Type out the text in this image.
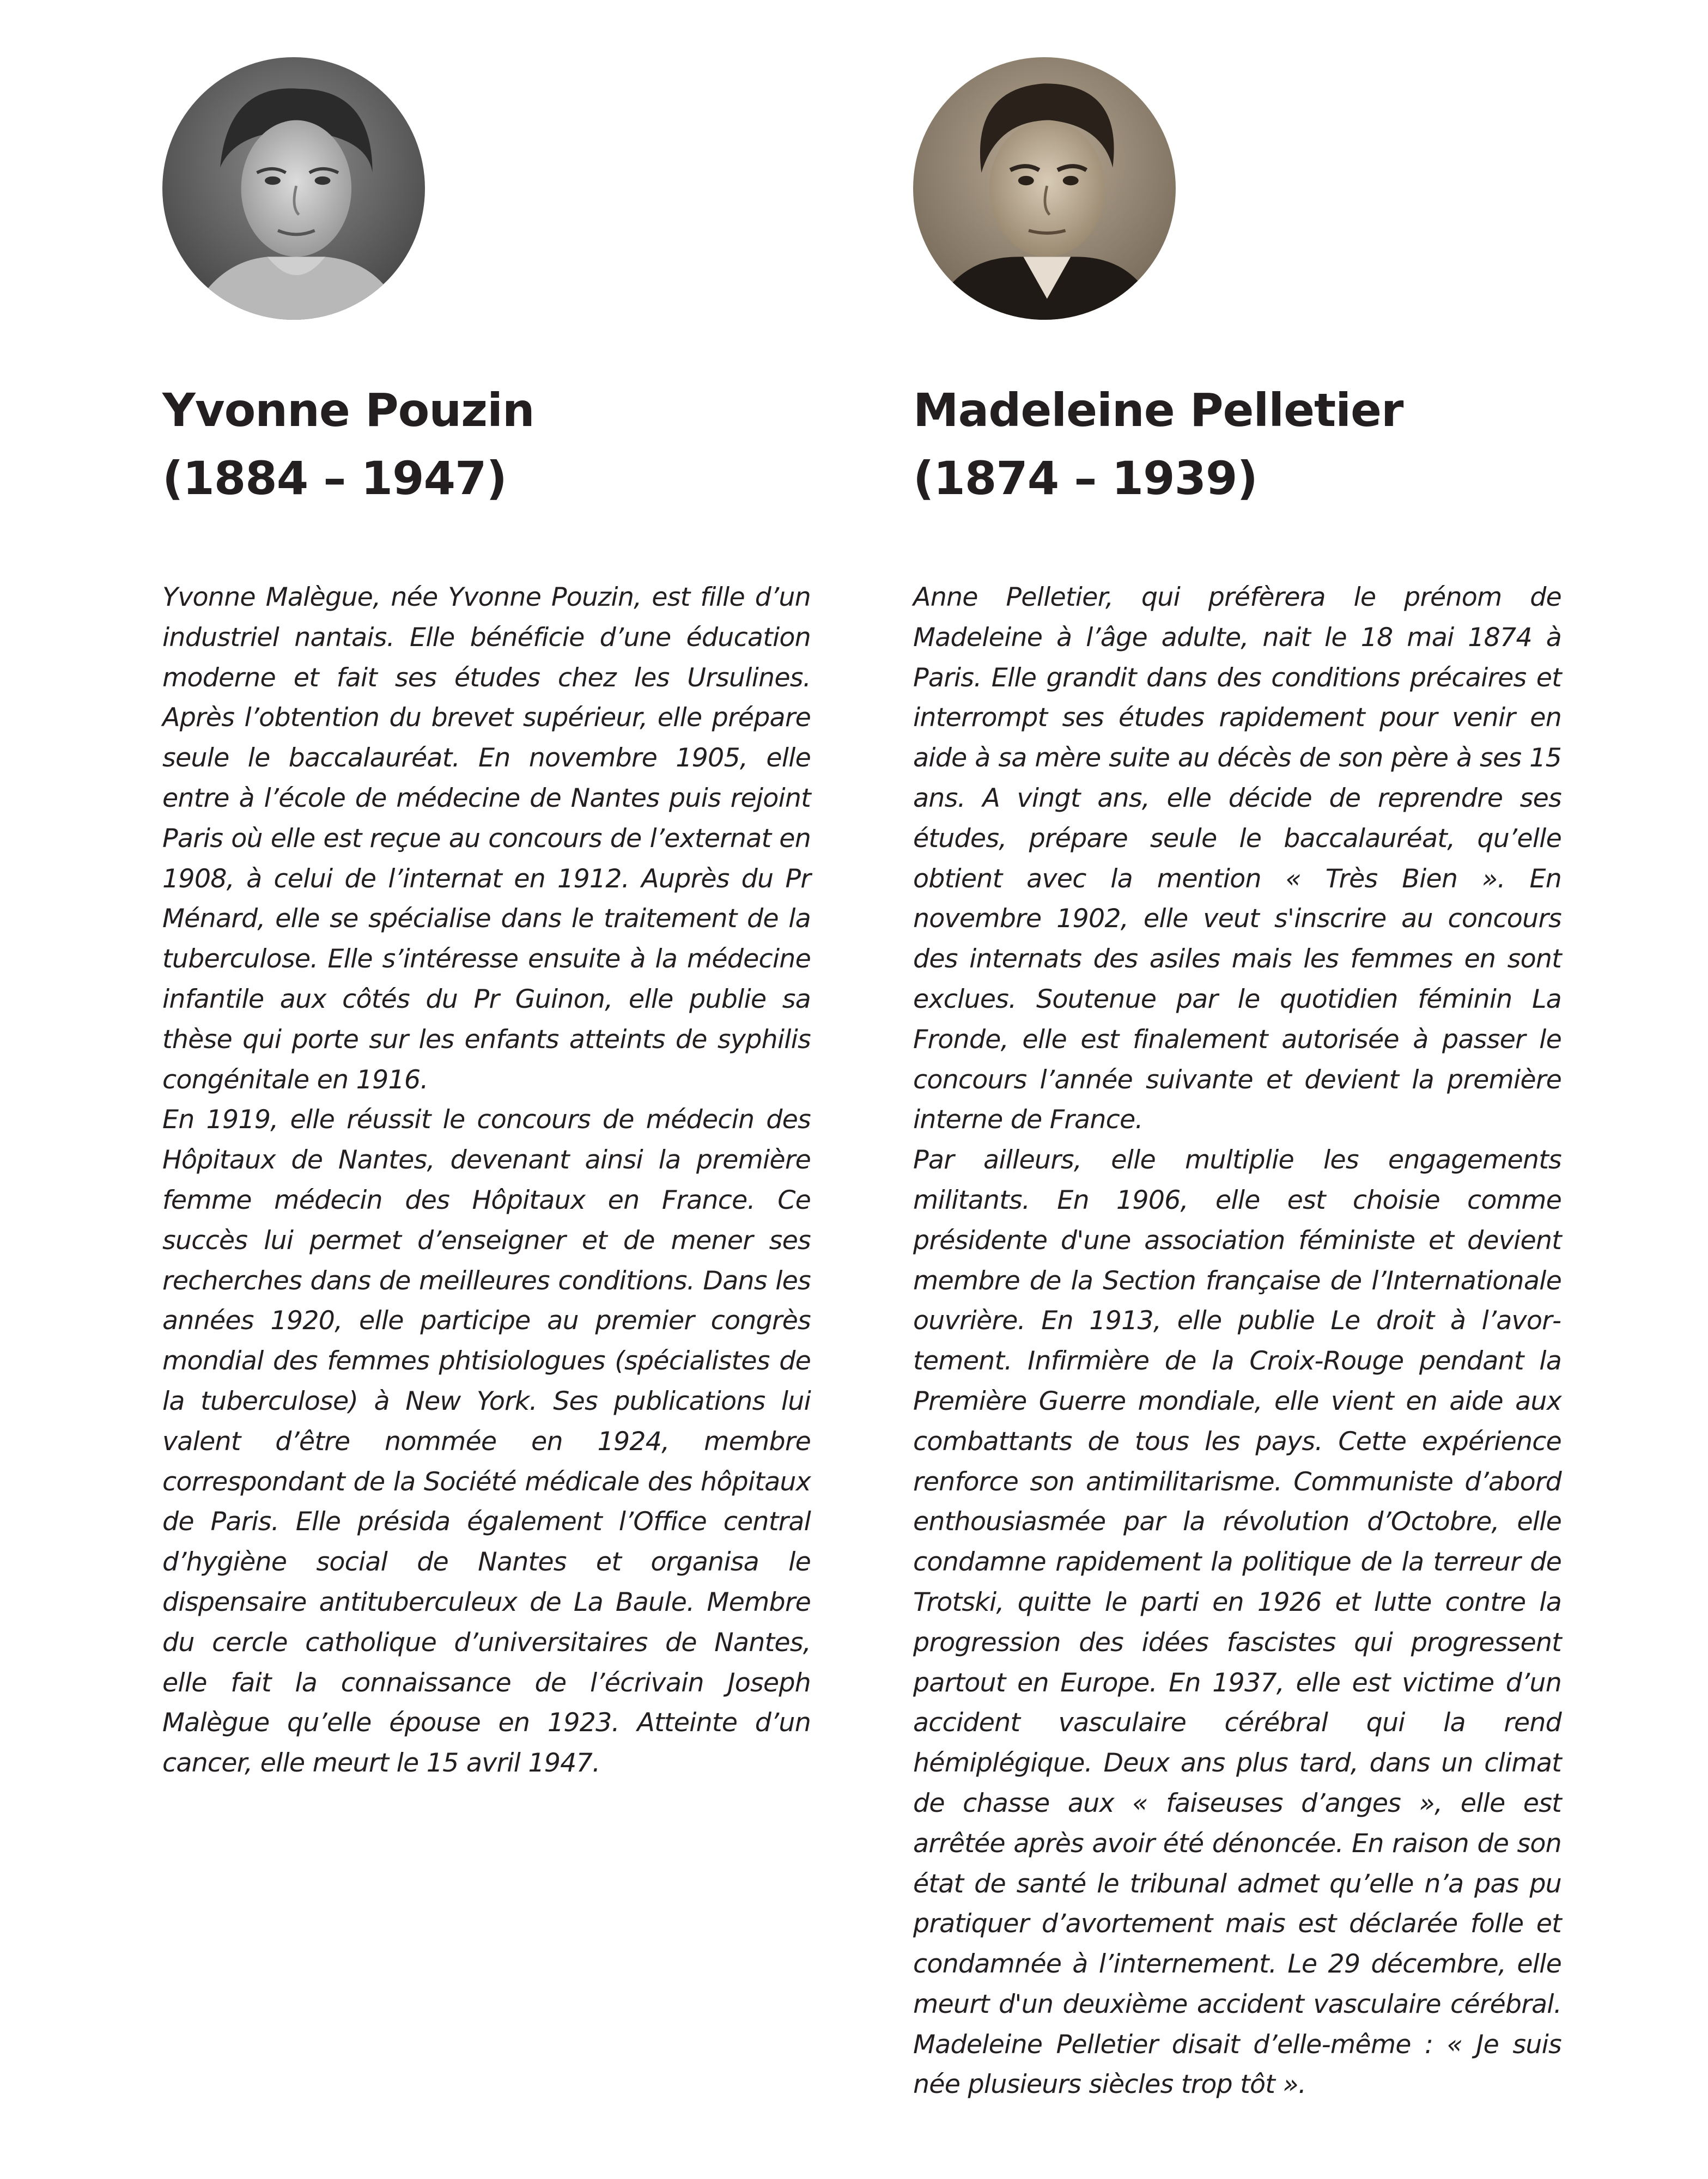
Yvonne Pouzin
(1884 – 1947)

Yvonne Malègue, née Yvonne Pouzin, est fille d’un industriel nantais. Elle bénéficie d’une éducation moderne et fait ses études chez les Ursulines. Après l’obtention du brevet supérieur, elle prépare seule le baccalauréat. En novembre 1905, elle entre à l’école de médecine de Nantes puis rejoint Paris où elle est reçue au concours de l’externat en 1908, à celui de l’internat en 1912. Auprès du Pr Ménard, elle se spécialise dans le traitement de la tuberculose. Elle s’intéresse ensuite à la médecine infantile aux côtés du Pr Guinon, elle publie sa thèse qui porte sur les enfants atteints de syphilis congénitale en 1916.

En 1919, elle réussit le concours de médecin des Hôpitaux de Nantes, devenant ainsi la première femme médecin des Hôpitaux en France. Ce succès lui permet d’enseigner et de mener ses recherches dans de meilleures conditions. Dans les années 1920, elle participe au premier congrès mondial des femmes phtisiologues (spécialistes de la tuberculose) à New York. Ses publications lui valent d’être nommée en 1924, membre correspondant de la Société médicale des hôpitaux de Paris. Elle présida également l’Office central d’hygiène social de Nantes et organisa le dispensaire antituberculeux de La Baule. Membre du cercle catholique d’universitaires de Nantes, elle fait la connaissance de l’écrivain Joseph Malègue qu’elle épouse en 1923. Atteinte d’un cancer, elle meurt le 15 avril 1947.

Madeleine Pelletier
(1874 – 1939)

Anne Pelletier, qui préfèrera le prénom de Madeleine à l’âge adulte, nait le 18 mai 1874 à Paris. Elle grandit dans des conditions précaires et interrompt ses études rapidement pour venir en aide à sa mère suite au décès de son père à ses 15 ans. A vingt ans, elle décide de reprendre ses études, prépare seule le baccalauréat, qu’elle obtient avec la mention « Très Bien ». En novembre 1902, elle veut s'inscrire au concours des internats des asiles mais les femmes en sont exclues. Soutenue par le quotidien féminin La Fronde, elle est finalement autorisée à passer le concours l’année suivante et devient la première interne de France.

Par ailleurs, elle multiplie les engagements militants. En 1906, elle est choisie comme présidente d'une association féministe et devient membre de la Section française de l’Internationale ouvrière. En 1913, elle publie Le droit à l’avortement. Infirmière de la Croix-Rouge pendant la Première Guerre mondiale, elle vient en aide aux combattants de tous les pays. Cette expérience renforce son antimilitarisme. Communiste d’abord enthousiasmée par la révolution d’Octobre, elle condamne rapidement la politique de la terreur de Trotski, quitte le parti en 1926 et lutte contre la progression des idées fascistes qui progressent partout en Europe. En 1937, elle est victime d’un accident vasculaire cérébral qui la rend hémiplégique. Deux ans plus tard, dans un climat de chasse aux « faiseuses d’anges », elle est arrêtée après avoir été dénoncée. En raison de son état de santé le tribunal admet qu’elle n’a pas pu pratiquer d’avortement mais est déclarée folle et condamnée à l’internement. Le 29 décembre, elle meurt d'un deuxième accident vasculaire cérébral. Madeleine Pelletier disait d’elle-même : « Je suis née plusieurs siècles trop tôt ».
